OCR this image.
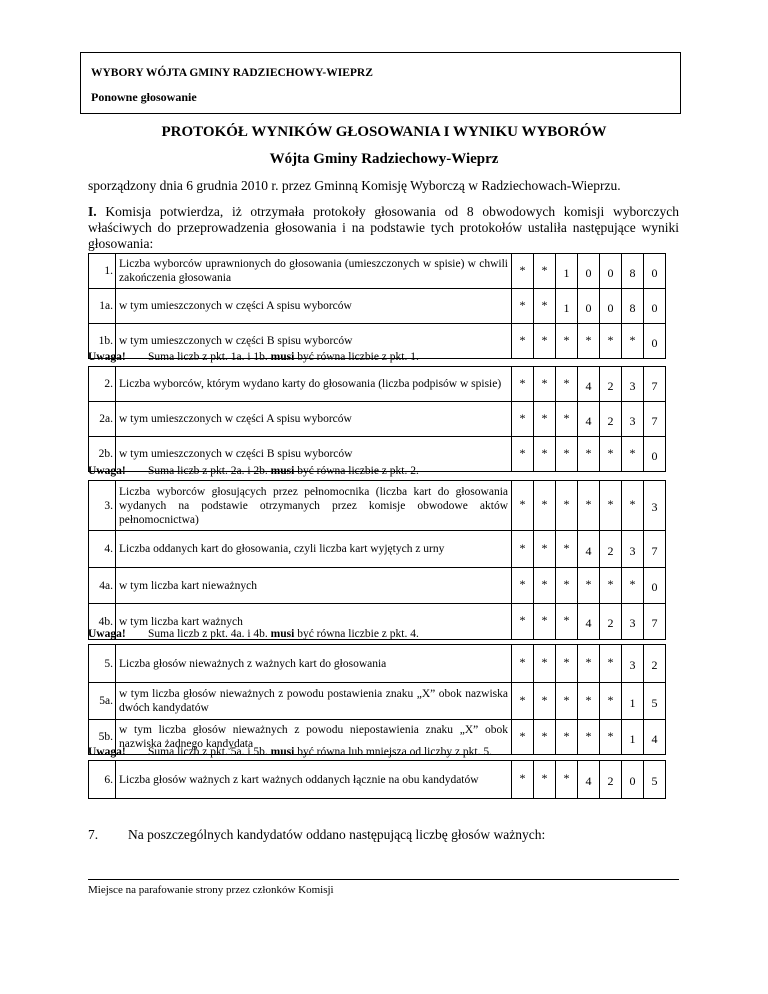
WYBORY WÓJTA GMINY RADZIECHOWY-WIEPRZ
Ponowne głosowanie
PROTOKÓŁ WYNIKÓW GŁOSOWANIA I WYNIKU WYBORÓW
Wójta Gminy Radziechowy-Wieprz
sporządzony dnia 6 grudnia 2010 r. przez Gminną Komisję Wyborczą w Radziechowach-Wieprzu.
I. Komisja potwierdza, iż otrzymała protokoły głosowania od 8 obwodowych komisji wyborczych właściwych do przeprowadzenia głosowania i na podstawie tych protokołów ustaliła następujące wyniki głosowania:
1.	Liczba wyborców uprawnionych do głosowania (umieszczonych w spisie) w chwili zakończenia głosowania	*	*	1	0	0	8	0
1a.	w tym umieszczonych w części A spisu wyborców	*	*	1	0	0	8	0
1b.	w tym umieszczonych w części B spisu wyborców	*	*	*	*	*	*	0
Uwaga! Suma liczb z pkt. 1a. i 1b. musi być równa liczbie z pkt. 1.
2.	Liczba wyborców, którym wydano karty do głosowania (liczba podpisów w spisie)	*	*	*	4	2	3	7
2a.	w tym umieszczonych w części A spisu wyborców	*	*	*	4	2	3	7
2b.	w tym umieszczonych w części B spisu wyborców	*	*	*	*	*	*	0
Uwaga! Suma liczb z pkt. 2a. i 2b. musi być równa liczbie z pkt. 2.
3.	Liczba wyborców głosujących przez pełnomocnika (liczba kart do głosowania wydanych na podstawie otrzymanych przez komisje obwodowe aktów pełnomocnictwa)	*	*	*	*	*	*	3
4.	Liczba oddanych kart do głosowania, czyli liczba kart wyjętych z urny	*	*	*	4	2	3	7
4a.	w tym liczba kart nieważnych	*	*	*	*	*	*	0
4b.	w tym liczba kart ważnych	*	*	*	4	2	3	7
Uwaga! Suma liczb z pkt. 4a. i 4b. musi być równa liczbie z pkt. 4.
5.	Liczba głosów nieważnych z ważnych kart do głosowania	*	*	*	*	*	3	2
5a.	w tym liczba głosów nieważnych z powodu postawienia znaku „X” obok nazwiska dwóch kandydatów	*	*	*	*	*	1	5
5b.	w tym liczba głosów nieważnych z powodu niepostawienia znaku „X” obok nazwiska żadnego kandydata	*	*	*	*	*	1	4
Uwaga! Suma liczb z pkt. 5a. i 5b. musi być równa lub mniejsza od liczby z pkt. 5.
6.	Liczba głosów ważnych z kart ważnych oddanych łącznie na obu kandydatów	*	*	*	4	2	0	5
7. Na poszczególnych kandydatów oddano następującą liczbę głosów ważnych:
Miejsce na parafowanie strony przez członków Komisji
